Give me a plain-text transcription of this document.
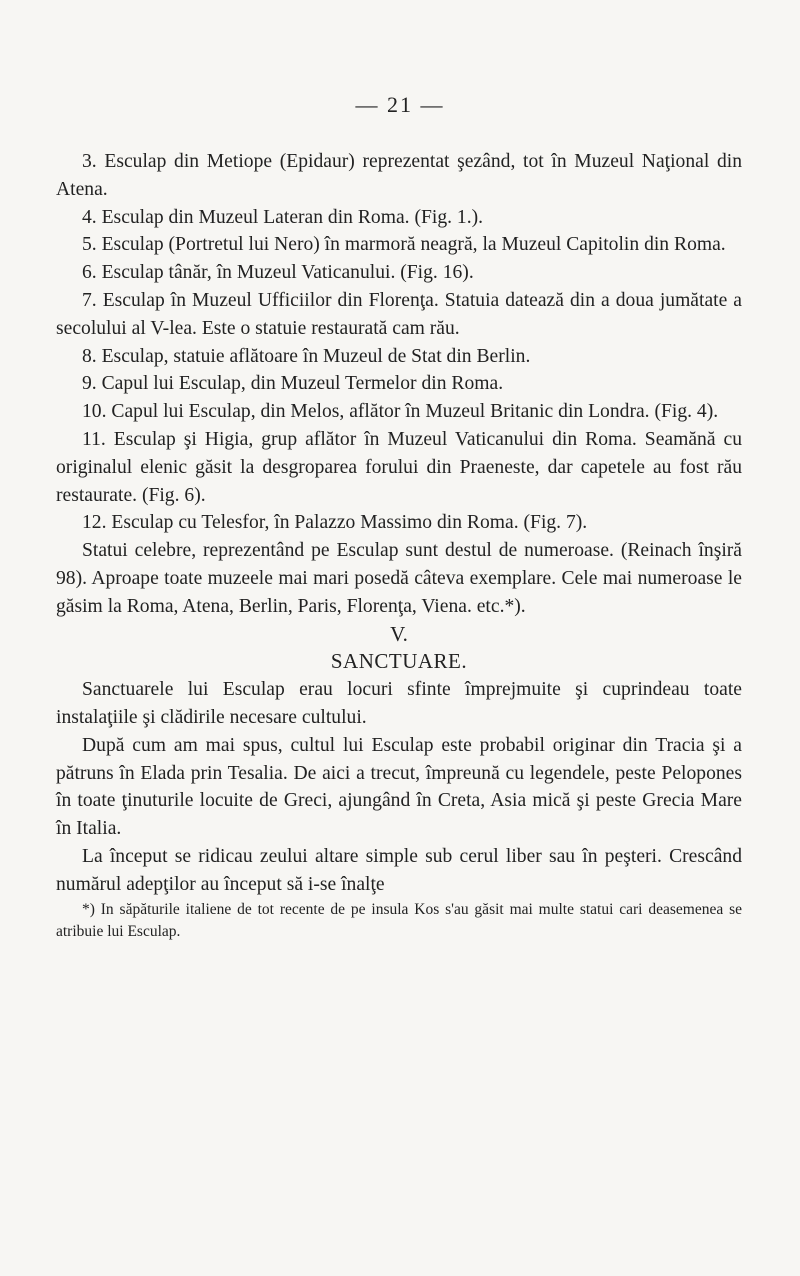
— 21 —

3. Esculap din Metiope (Epidaur) reprezentat şezând, tot în Muzeul Naţional din Atena.

4. Esculap din Muzeul Lateran din Roma. (Fig. 1.).

5. Esculap (Portretul lui Nero) în marmoră neagră, la Muzeul Capitolin din Roma.

6. Esculap tânăr, în Muzeul Vaticanului. (Fig. 16).

7. Esculap în Muzeul Ufficiilor din Florenţa. Statuia datează din a doua jumătate a secolului al V-lea. Este o statuie restaurată cam rău.

8. Esculap, statuie aflătoare în Muzeul de Stat din Berlin.

9. Capul lui Esculap, din Muzeul Termelor din Roma.

10. Capul lui Esculap, din Melos, aflător în Muzeul Britanic din Londra. (Fig. 4).

11. Esculap şi Higia, grup aflător în Muzeul Vaticanului din Roma. Seamănă cu originalul elenic găsit la desgroparea forului din Praeneste, dar capetele au fost rău restaurate. (Fig. 6).

12. Esculap cu Telesfor, în Palazzo Massimo din Roma. (Fig. 7).

Statui celebre, reprezentând pe Esculap sunt destul de numeroase. (Reinach înşiră 98). Aproape toate muzeele mai mari posedă câteva exemplare. Cele mai numeroase le găsim la Roma, Atena, Berlin, Paris, Florenţa, Viena. etc.*).

V.

SANCTUARE.

Sanctuarele lui Esculap erau locuri sfinte împrejmuite şi cuprindeau toate instalaţiile şi clădirile necesare cultului.

După cum am mai spus, cultul lui Esculap este probabil originar din Tracia şi a pătruns în Elada prin Tesalia. De aici a trecut, împreună cu legendele, peste Pelopones în toate ţinuturile locuite de Greci, ajungând în Creta, Asia mică şi peste Grecia Mare în Italia.

La început se ridicau zeului altare simple sub cerul liber sau în peşteri. Crescând numărul adepţilor au început să i-se înalţe

*) In săpăturile italiene de tot recente de pe insula Kos s'au găsit mai multe statui cari deasemenea se atribuie lui Esculap.
